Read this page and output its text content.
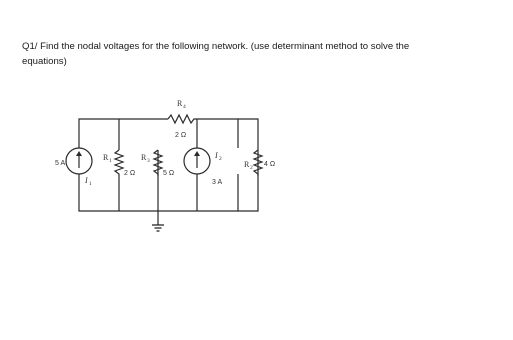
Q1/ Find the nodal voltages for the following network. (use determinant method to solve the
equations)
R 4
2 Ω
R 1
2 Ω
R 3
5 Ω
R 2 4 Ω
5 A
I 1
I 2
3 A
